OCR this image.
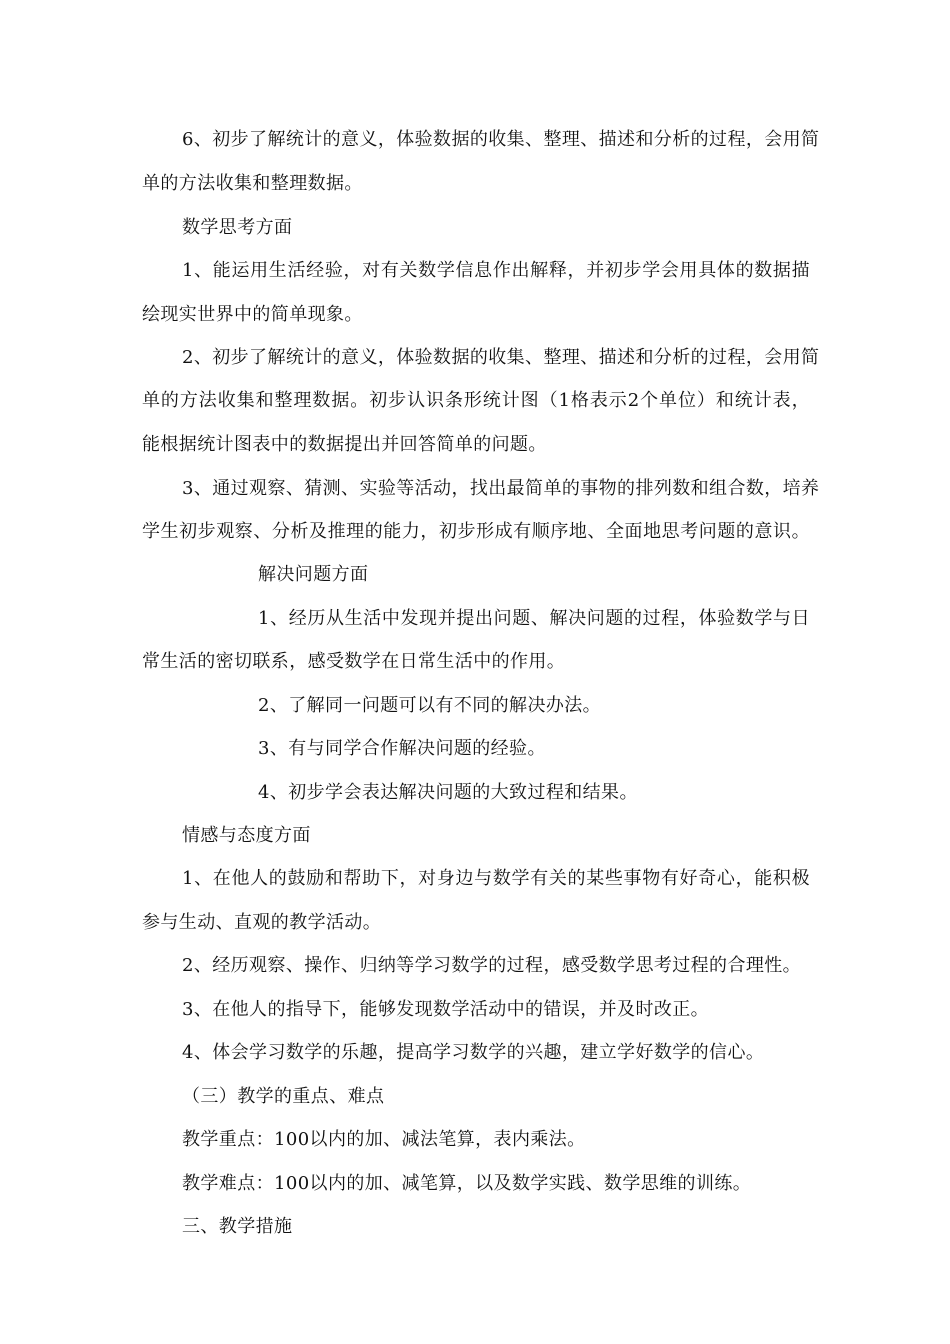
6、初步了解统计的意义，体验数据的收集、整理、描述和分析的过程，会用简
单的方法收集和整理数据。
数学思考方面
1、能运用生活经验，对有关数学信息作出解释，并初步学会用具体的数据描
绘现实世界中的简单现象。
2、初步了解统计的意义，体验数据的收集、整理、描述和分析的过程，会用简
单的方法收集和整理数据。初步认识条形统计图（1格表示2个单位）和统计表，
能根据统计图表中的数据提出并回答简单的问题。
3、通过观察、猜测、实验等活动，找出最简单的事物的排列数和组合数，培养
学生初步观察、分析及推理的能力，初步形成有顺序地、全面地思考问题的意识。
解决问题方面
1、经历从生活中发现并提出问题、解决问题的过程，体验数学与日
常生活的密切联系，感受数学在日常生活中的作用。
2、了解同一问题可以有不同的解决办法。
3、有与同学合作解决问题的经验。
4、初步学会表达解决问题的大致过程和结果。
情感与态度方面
1、在他人的鼓励和帮助下，对身边与数学有关的某些事物有好奇心，能积极
参与生动、直观的教学活动。
2、经历观察、操作、归纳等学习数学的过程，感受数学思考过程的合理性。
3、在他人的指导下，能够发现数学活动中的错误，并及时改正。
4、体会学习数学的乐趣，提高学习数学的兴趣，建立学好数学的信心。
（三）教学的重点、难点
教学重点：100以内的加、减法笔算，表内乘法。
教学难点：100以内的加、减笔算，以及数学实践、数学思维的训练。
三、教学措施
